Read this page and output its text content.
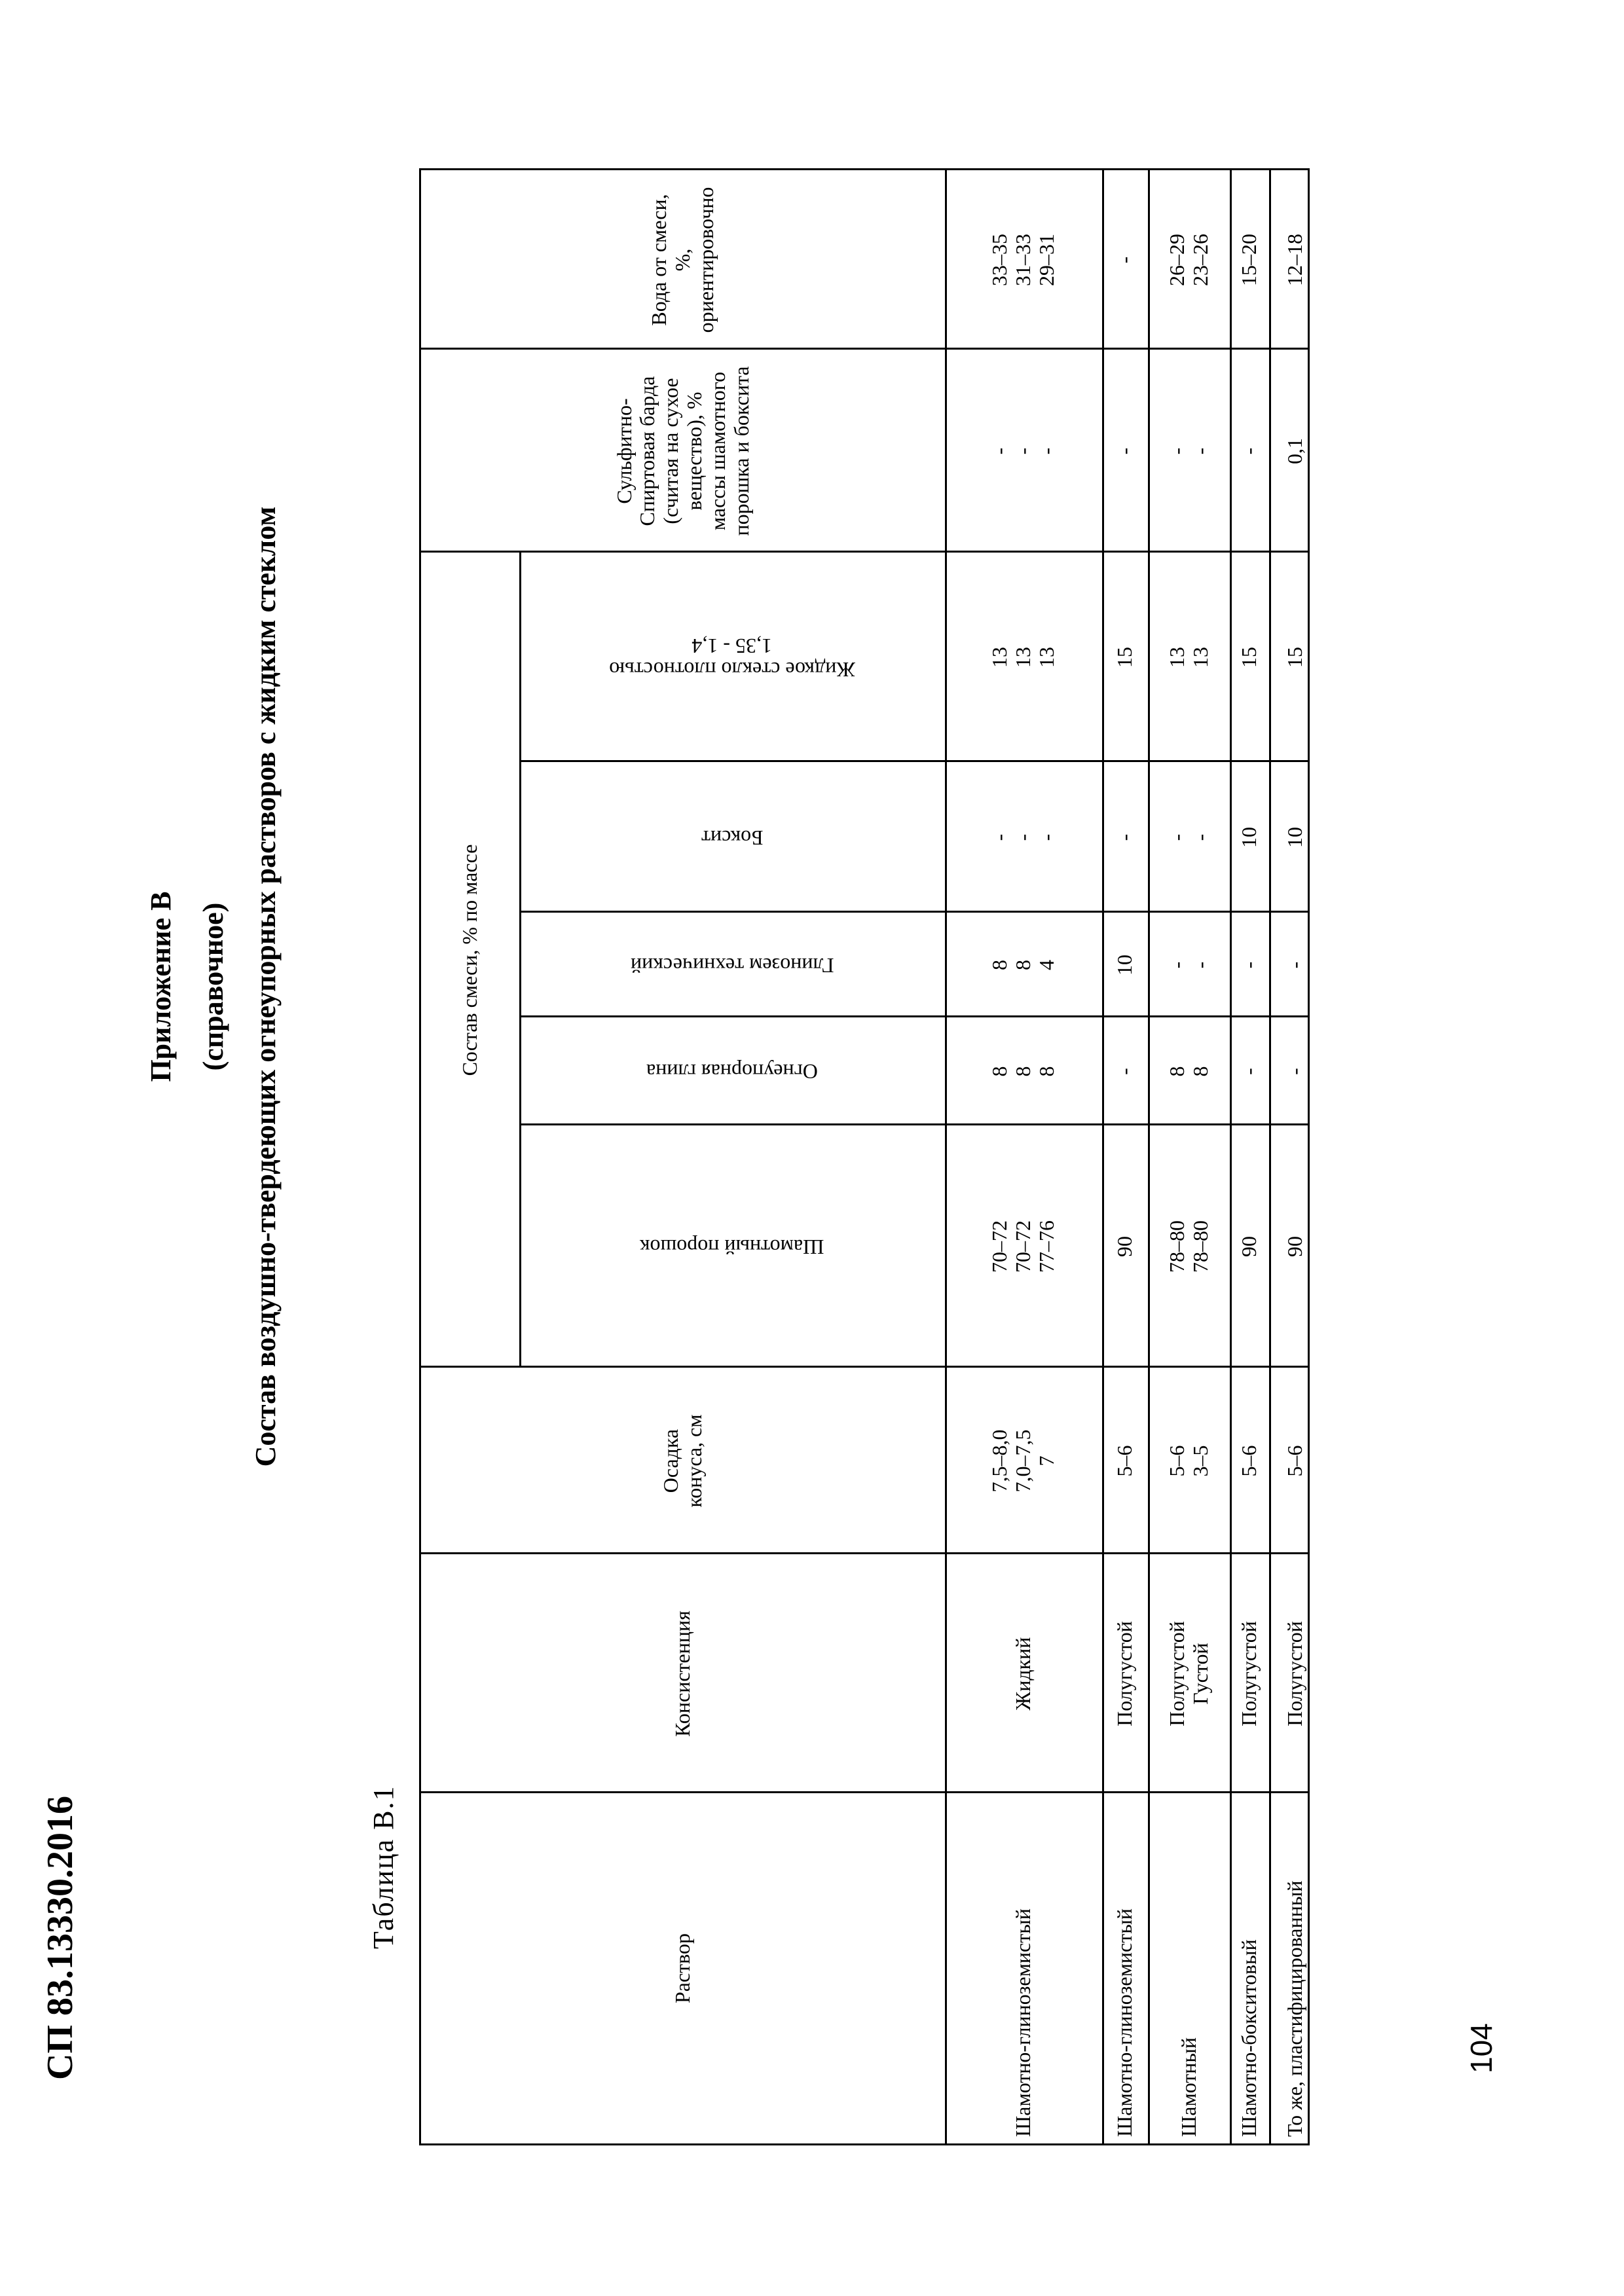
СП 83.13330.2016	104
Приложение В (справочное) Состав воздушно-твердеющих огнеупорных растворов с жидким стеклом
Таблица В.1
Раствор
Консистенция
Осадка конуса, см
Состав смеси, % по массе
Шамотный порошок
Огнеупорная глина
Глинозем технический
Боксит
Жидкое стекло плотностью 1,35 - 1,4
Сульфитно-Спиртовая барда (считая на сухое вещество), % массы шамотного порошка и боксита
Вода от смеси, %, ориентировочно
Шамотно-глиноземистый
Жидкий
7,5–8,0 7,0–7,5 7
70–72 70–72 77–76
8 8 8
8 8 4
- - -
13 13 13
- - -
33–35 31–33 29–31
Шамотно-глиноземистый
Полугустой
5–6
90
-
10
-
15
-
-
Шамотный
Полугустой Густой
5–6 3–5
78–80 78–80
8 8
- -
- -
13 13
- -
26–29 23–26
Шамотно-бокситовый
Полугустой
5–6
90
-
-
10
15
-
15–20
То же, пластифицированный
Полугустой
5–6
90
-
-
10
15
0,1
12–18
